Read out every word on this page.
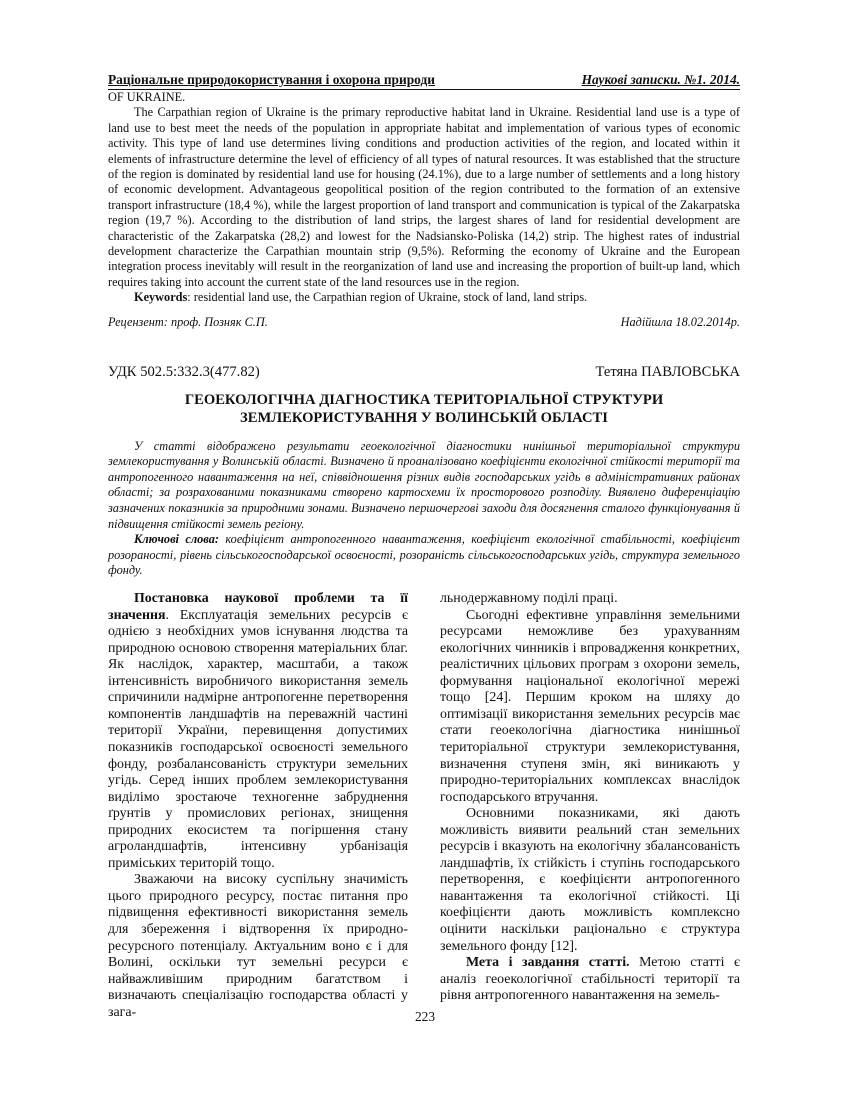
Раціональне природокористування і охорона природи	Наукові записки. №1. 2014.

OF UKRAINE.

The Carpathian region of Ukraine is the primary reproductive habitat land in Ukraine. Residential land use is a type of land use to best meet the needs of the population in appropriate habitat and implementation of various types of economic activity. This type of land use determines living conditions and production activities of the region, and located within it elements of infrastructure determine the level of efficiency of all types of natural resources. It was established that the structure of the region is dominated by residential land use for housing (24.1%), due to a large number of settlements and a long history of economic development. Advantageous geopolitical position of the region contributed to the formation of an extensive transport infrastructure (18,4 %), while the largest proportion of land transport and communication is typical of the Zakarpatska region (19,7 %). According to the distribution of land strips, the largest shares of land for residential development are characteristic of the Zakarpatska (28,2) and lowest for the Nadsiansko-Poliska (14,2) strip. The highest rates of industrial development characterize the Carpathian mountain strip (9,5%). Reforming the economy of Ukraine and the European integration process inevitably will result in the reorganization of land use and increasing the proportion of built-up land, which requires taking into account the current state of the land resources use in the region.

Keywords: residential land use, the Carpathian region of Ukraine, stock of land, land strips.

Рецензент: проф. Позняк С.П.	Надійшла 18.02.2014р.
УДК 502.5:332.3(477.82)	Тетяна ПАВЛОВСЬКА
ГЕОЕКОЛОГІЧНА ДІАГНОСТИКА ТЕРИТОРІАЛЬНОЇ СТРУКТУРИ
ЗЕМЛЕКОРИСТУВАННЯ У ВОЛИНСЬКІЙ ОБЛАСТІ

У статті відображено результати геоекологічної діагностики нинішньої територіальної структури землекористування у Волинській області. Визначено й проаналізовано коефіцієнти екологічної стійкості території та антропогенного навантаження на неї, співвідношення різних видів господарських угідь в адміністративних районах області; за розрахованими показниками створено картосхеми їх просторового розподілу. Виявлено диференціацію зазначених показників за природними зонами. Визначено першочергові заходи для досягнення сталого функціонування й підвищення стійкості земель регіону.

Ключові слова: коефіцієнт антропогенного навантаження, коефіцієнт екологічної стабільності, коефіцієнт розораності, рівень сільськогосподарської освоєності, розораність сільськогосподарських угідь, структура земельного фонду.

Постановка наукової проблеми та її значення. Експлуатація земельних ресурсів є однією з необхідних умов існування людства та природною основою створення матеріальних благ. Як наслідок, характер, масштаби, а також інтенсивність виробничого використання земель спричинили надмірне антропогенне перетворення компонентів ландшафтів на переважній частині території України, перевищення допустимих показників господарської освоєності земельного фонду, розбалансованість структури земельних угідь. Серед інших проблем землекористування виділімо зростаюче техногенне забруднення ґрунтів у промислових регіонах, знищення природних екосистем та погіршення стану агроландшафтів, інтенсивну урбанізація приміських територій тощо.

Зважаючи на високу суспільну значимість цього природного ресурсу, постає питання про підвищення ефективності використання земель для збереження і відтворення їх природно-ресурсного потенціалу. Актуальним воно є і для Волині, оскільки тут земельні ресурси є найважливішим природним багатством і визначають спеціалізацію господарства області у зага-

льнодержавному поділі праці.

Сьогодні ефективне управління земельними ресурсами неможливе без урахуванням екологічних чинників і впровадження конкретних, реалістичних цільових програм з охорони земель, формування національної екологічної мережі тощо [24]. Першим кроком на шляху до оптимізації використання земельних ресурсів має стати геоекологічна діагностика нинішньої територіальної структури землекористування, визначення ступеня змін, які виникають у природно-територіальних комплексах внаслідок господарського втручання.

Основними показниками, які дають можливість виявити реальний стан земельних ресурсів і вказують на екологічну збалансованість ландшафтів, їх стійкість і ступінь господарського перетворення, є коефіцієнти антропогенного навантаження та екологічної стійкості. Ці коефіцієнти дають можливість комплексно оцінити наскільки раціонально є структура земельного фонду [12].

Мета і завдання статті. Метою статті є аналіз геоекологічної стабільності території та рівня антропогенного навантаження на земель-

223
